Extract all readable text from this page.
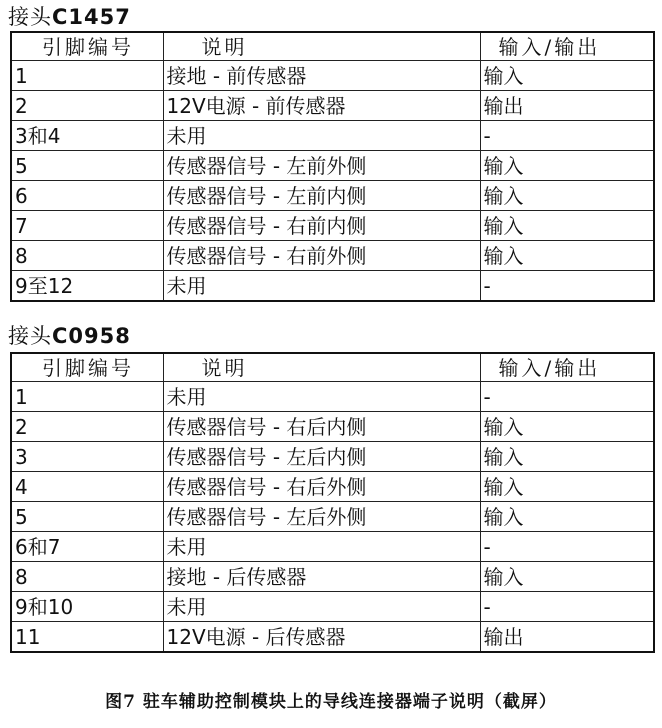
接头C1457
引脚编号	说明	输入/输出
1	接地 - 前传感器	输入
2	12V电源 - 前传感器	输出
3和4	未用	-
5	传感器信号 - 左前外侧	输入
6	传感器信号 - 左前内侧	输入
7	传感器信号 - 右前内侧	输入
8	传感器信号 - 右前外侧	输入
9至12	未用	-
接头C0958
引脚编号	说明	输入/输出
1	未用	-
2	传感器信号 - 右后内侧	输入
3	传感器信号 - 左后内侧	输入
4	传感器信号 - 右后外侧	输入
5	传感器信号 - 左后外侧	输入
6和7	未用	-
8	接地 - 后传感器	输入
9和10	未用	-
11	12V电源 - 后传感器	输出
图7 驻车辅助控制模块上的导线连接器端子说明（截屏）
